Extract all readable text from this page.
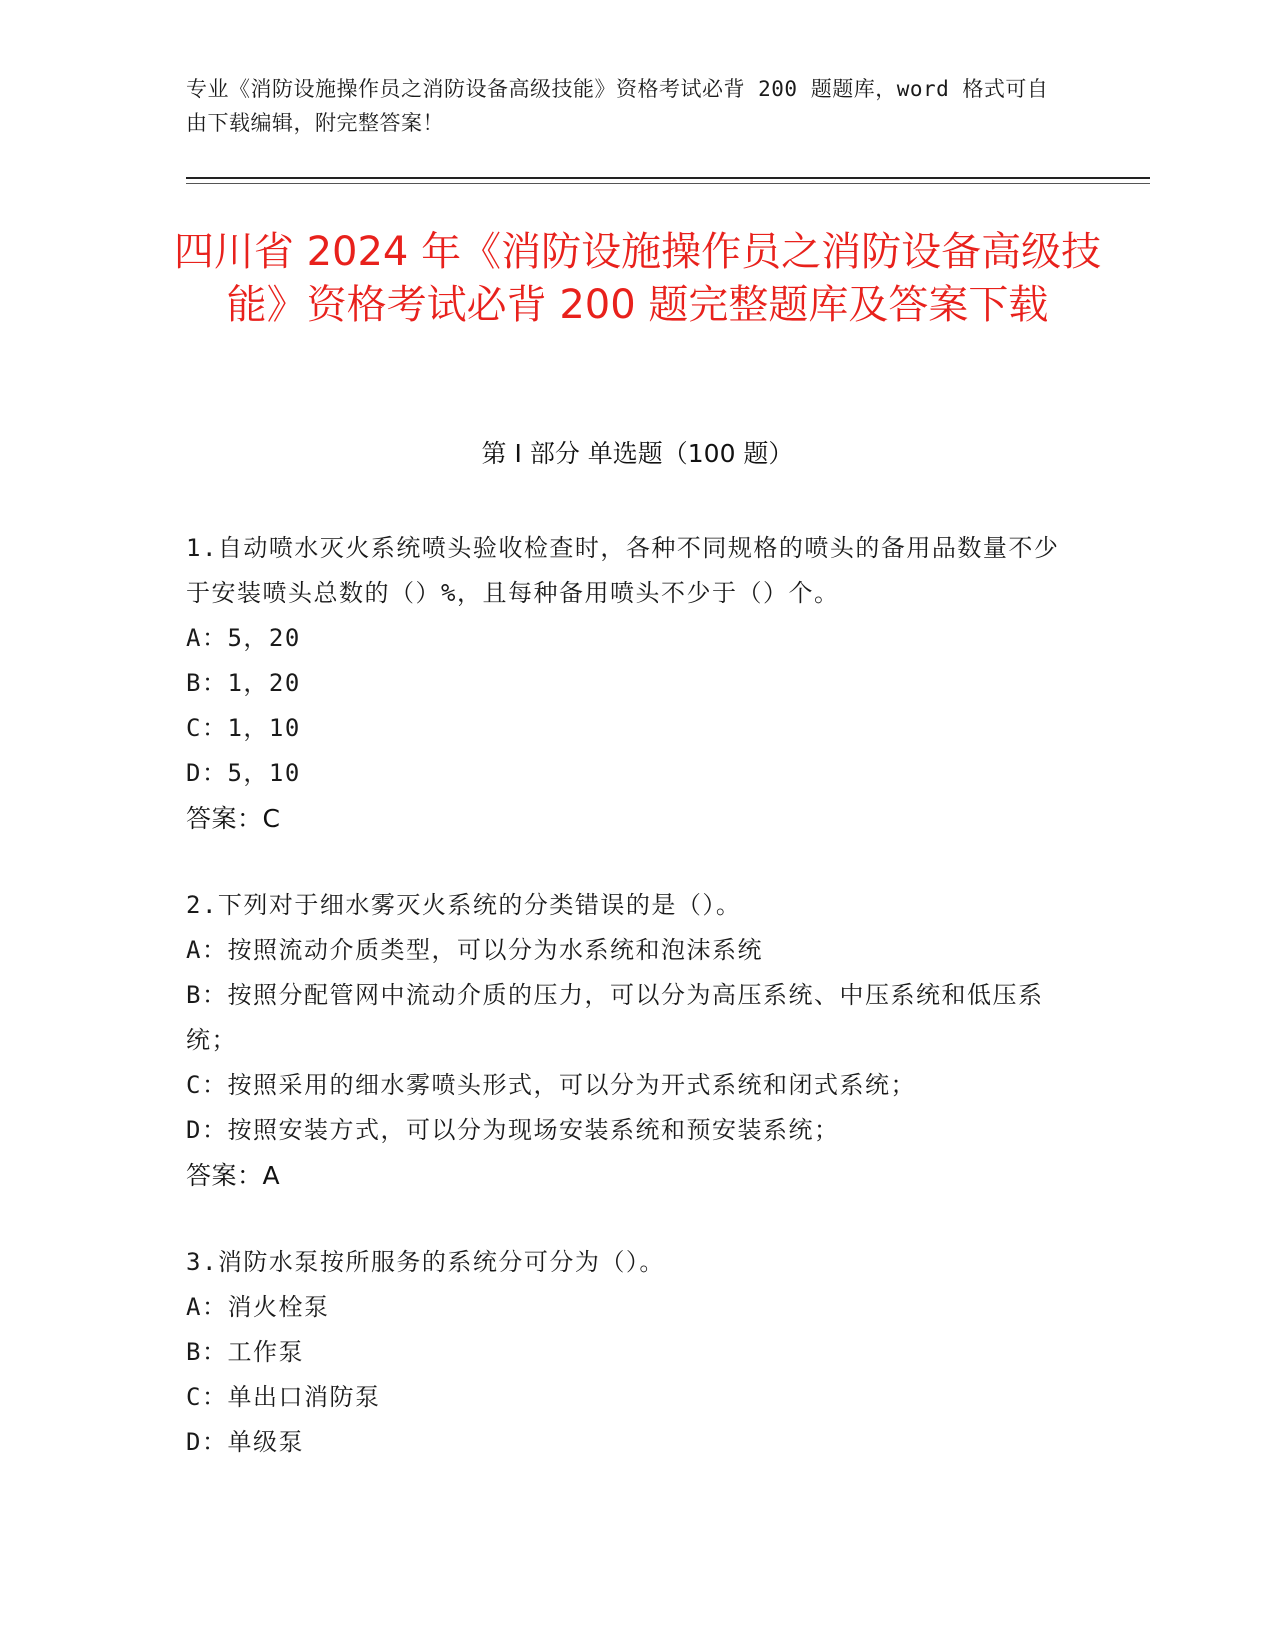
专业《消防设施操作员之消防设备高级技能》资格考试必背 200 题题库，word 格式可自由下载编辑，附完整答案！
四川省 2024 年《消防设施操作员之消防设备高级技能》资格考试必背 200 题完整题库及答案下载
第 I 部分 单选题（100 题）
1.自动喷水灭火系统喷头验收检查时，各种不同规格的喷头的备用品数量不少于安装喷头总数的（）%，且每种备用喷头不少于（）个。
A：5，20
B：1，20
C：1，10
D：5，10
答案：C
2.下列对于细水雾灭火系统的分类错误的是（）。
A：按照流动介质类型，可以分为水系统和泡沫系统
B：按照分配管网中流动介质的压力，可以分为高压系统、中压系统和低压系统；
C：按照采用的细水雾喷头形式，可以分为开式系统和闭式系统；
D：按照安装方式，可以分为现场安装系统和预安装系统；
答案：A
3.消防水泵按所服务的系统分可分为（）。
A：消火栓泵
B：工作泵
C：单出口消防泵
D：单级泵
